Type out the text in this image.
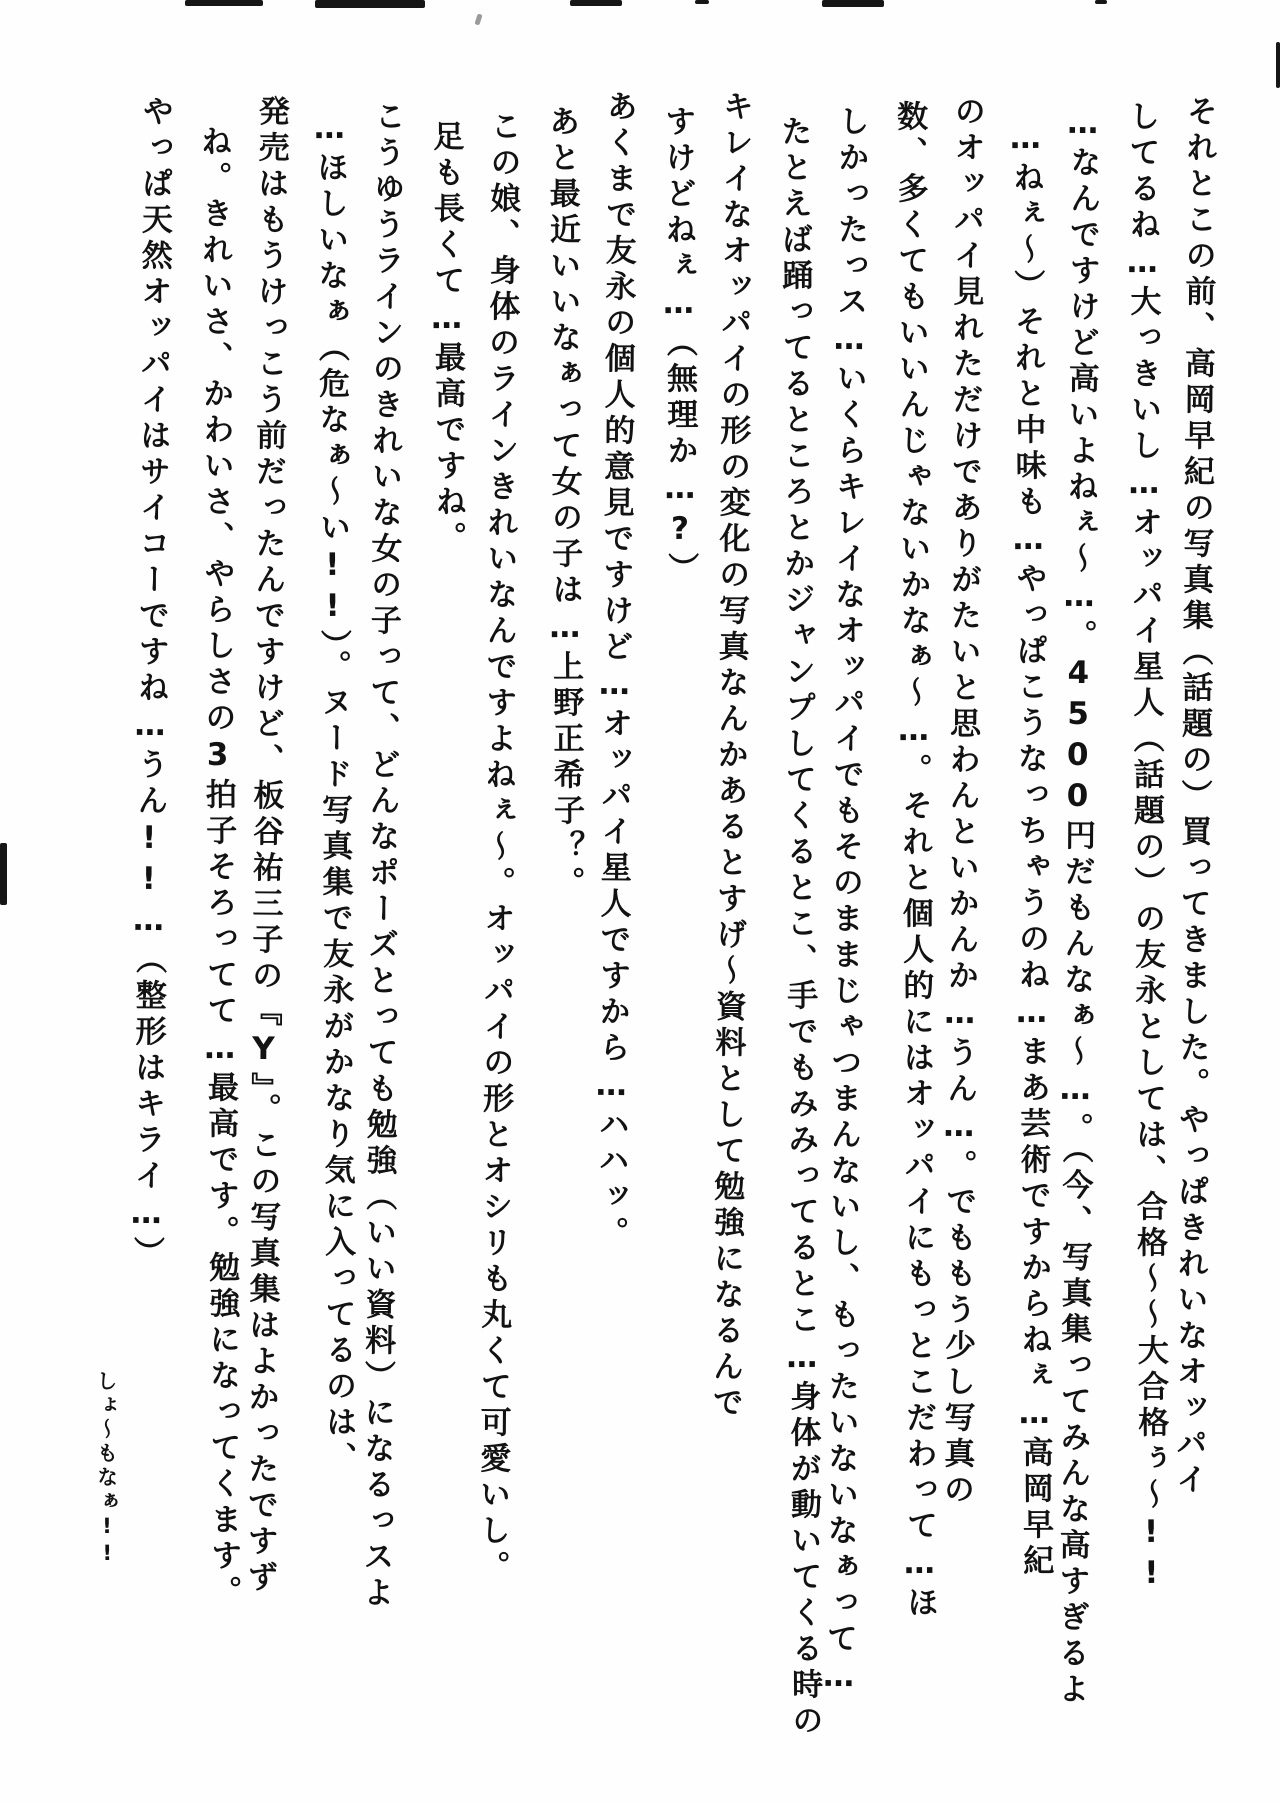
それとこの前、高岡早紀の写真集（話題の）買ってきました。やっぱきれいなオッパイ
してるね…大っきいし…オッパイ星人（話題の）の友永としては、合格～～大合格ぅ～!!
…なんですけど高いよねぇ～…。4500円だもんなぁ～…。（今、写真集ってみんな高すぎるよ
…ねぇ～）それと中味も…やっぱこうなっちゃうのね…まあ芸術ですからねぇ…高岡早紀
のオッパイ見れただけでありがたいと思わんといかんか…うん…。でももう少し写真の
数、多くてもいいんじゃないかなぁ～…。それと個人的にはオッパイにもっとこだわって…ほ
しかったっス…いくらキレイなオッパイでもそのままじゃつまんないし、もったいないなぁって…
たとえば踊ってるところとかジャンプしてくるとこ、手でもみみってるとこ…身体が動いてくる時の
キレイなオッパイの形の変化の写真なんかあるとすげ～資料として勉強になるんで
すけどねぇ…（無理か…?）
あくまで友永の個人的意見ですけど…オッパイ星人ですから…ハハッ。
あと最近いいなぁって女の子は…上野正希子？。
この娘、身体のラインきれいなんですよねぇ～。オッパイの形とオシリも丸くて可愛いし。
足も長くて…最高ですね。
こうゆうラインのきれいな女の子って、どんなポーズとっても勉強（いい資料）になるっスよ
…ほしいなぁ（危なぁ～い!!）。ヌード写真集で友永がかなり気に入ってるのは、
発売はもうけっこう前だったんですけど、板谷祐三子の『Y』。この写真集はよかったですず
ね。きれいさ、かわいさ、やらしさの3拍子そろってて…最高です。勉強になってくます。
やっぱ天然オッパイはサイコーですね…うん!!…（整形はキライ…）
しょ～もなぁ!!
